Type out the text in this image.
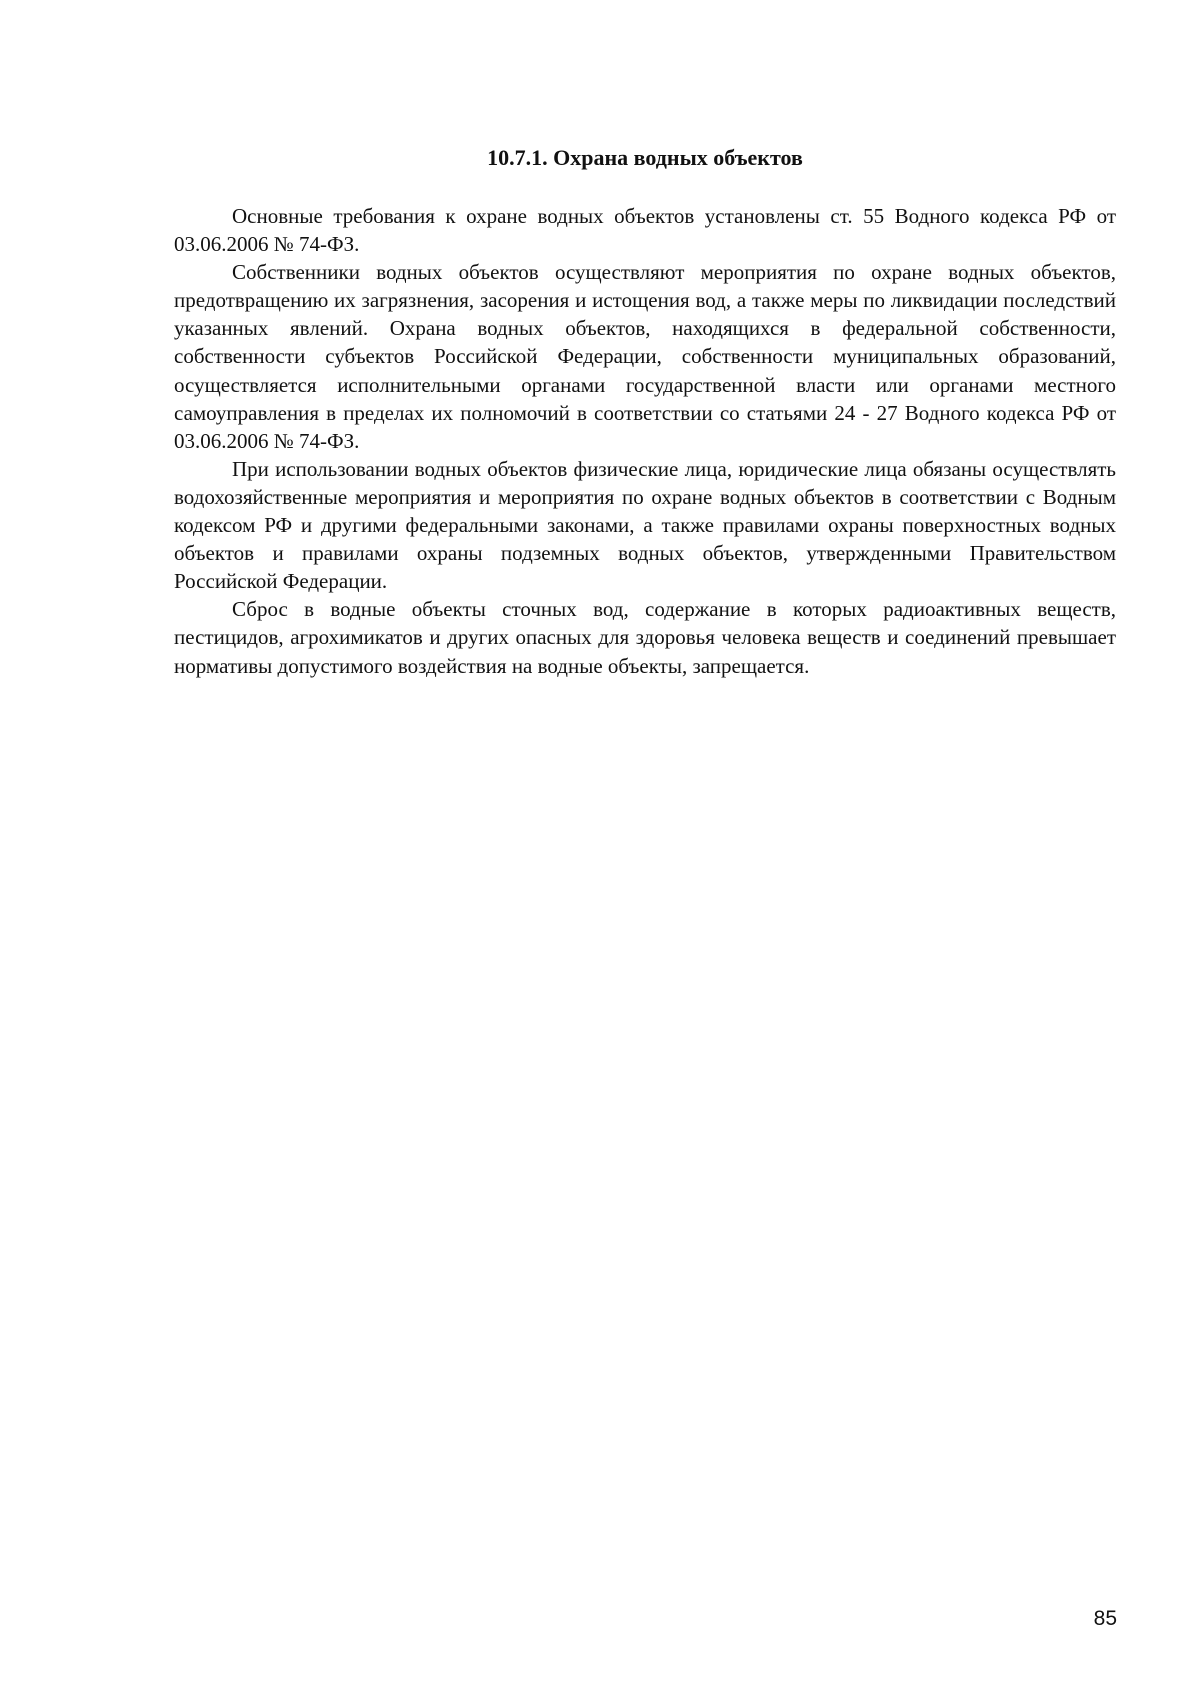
10.7.1. Охрана водных объектов

Основные требования к охране водных объектов установлены ст. 55 Водного кодекса РФ от 03.06.2006 № 74-ФЗ.

Собственники водных объектов осуществляют мероприятия по охране водных объектов, предотвращению их загрязнения, засорения и истощения вод, а также меры по ликвидации последствий указанных явлений. Охрана водных объектов, находящихся в федеральной собственности, собственности субъектов Российской Федерации, собственности муниципальных образований, осуществляется исполнительными органами государственной власти или органами местного самоуправления в пределах их полномочий в соответствии со статьями 24 - 27 Водного кодекса РФ от 03.06.2006 № 74-ФЗ.

При использовании водных объектов физические лица, юридические лица обязаны осуществлять водохозяйственные мероприятия и мероприятия по охране водных объектов в соответствии с Водным кодексом РФ и другими федеральными законами, а также правилами охраны поверхностных водных объектов и правилами охраны подземных водных объектов, утвержденными Правительством Российской Федерации.

Сброс в водные объекты сточных вод, содержание в которых радиоактивных веществ, пестицидов, агрохимикатов и других опасных для здоровья человека веществ и соединений превышает нормативы допустимого воздействия на водные объекты, запрещается.

85
